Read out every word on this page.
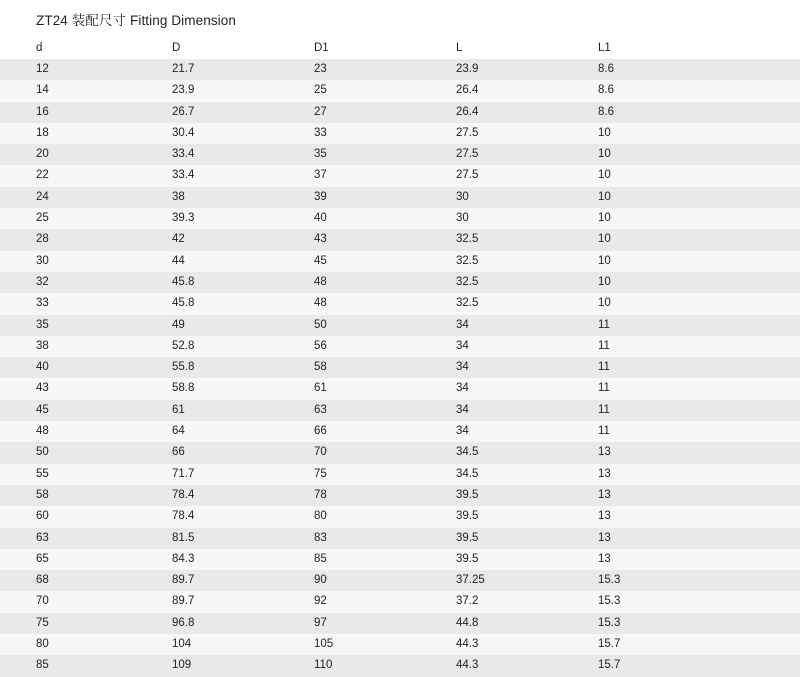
ZT24 装配尺寸 Fitting Dimension
d	D	D1	L	L1
12	21.7	23	23.9	8.6
14	23.9	25	26.4	8.6
16	26.7	27	26.4	8.6
18	30.4	33	27.5	10
20	33.4	35	27.5	10
22	33.4	37	27.5	10
24	38	39	30	10
25	39.3	40	30	10
28	42	43	32.5	10
30	44	45	32.5	10
32	45.8	48	32.5	10
33	45.8	48	32.5	10
35	49	50	34	11
38	52.8	56	34	11
40	55.8	58	34	11
43	58.8	61	34	11
45	61	63	34	11
48	64	66	34	11
50	66	70	34.5	13
55	71.7	75	34.5	13
58	78.4	78	39.5	13
60	78.4	80	39.5	13
63	81.5	83	39.5	13
65	84.3	85	39.5	13
68	89.7	90	37.25	15.3
70	89.7	92	37.2	15.3
75	96.8	97	44.8	15.3
80	104	105	44.3	15.7
85	109	110	44.3	15.7
